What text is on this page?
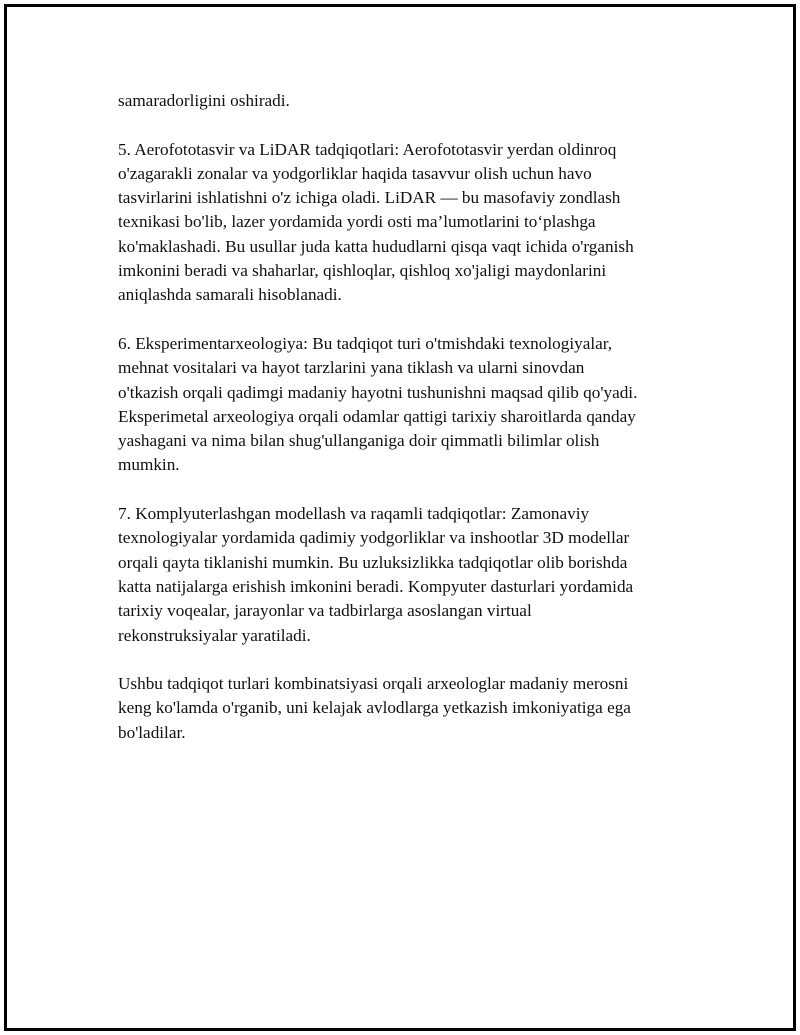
samaradorligini oshiradi.

5. Aerofototasvir va LiDAR tadqiqotlari: Aerofototasvir yerdan oldinroq
o'zagarakli zonalar va yodgorliklar haqida tasavvur olish uchun havo
tasvirlarini ishlatishni o'z ichiga oladi. LiDAR — bu masofaviy zondlash
texnikasi bo'lib, lazer yordamida yordi osti ma’lumotlarini to‘plashga
ko'maklashadi. Bu usullar juda katta hududlarni qisqa vaqt ichida o'rganish
imkonini beradi va shaharlar, qishloqlar, qishloq xo'jaligi maydonlarini
aniqlashda samarali hisoblanadi.

6. Eksperimentarxeologiya: Bu tadqiqot turi o'tmishdaki texnologiyalar,
mehnat vositalari va hayot tarzlarini yana tiklash va ularni sinovdan
o'tkazish orqali qadimgi madaniy hayotni tushunishni maqsad qilib qo'yadi.
Eksperimetal arxeologiya orqali odamlar qattigi tarixiy sharoitlarda qanday
yashagani va nima bilan shug'ullanganiga doir qimmatli bilimlar olish
mumkin.

7. Komplyuterlashgan modellash va raqamli tadqiqotlar: Zamonaviy
texnologiyalar yordamida qadimiy yodgorliklar va inshootlar 3D modellar
orqali qayta tiklanishi mumkin. Bu uzluksizlikka tadqiqotlar olib borishda
katta natijalarga erishish imkonini beradi. Kompyuter dasturlari yordamida
tarixiy voqealar, jarayonlar va tadbirlarga asoslangan virtual
rekonstruksiyalar yaratiladi.

Ushbu tadqiqot turlari kombinatsiyasi orqali arxeologlar madaniy merosni
keng ko'lamda o'rganib, uni kelajak avlodlarga yetkazish imkoniyatiga ega
bo'ladilar.
